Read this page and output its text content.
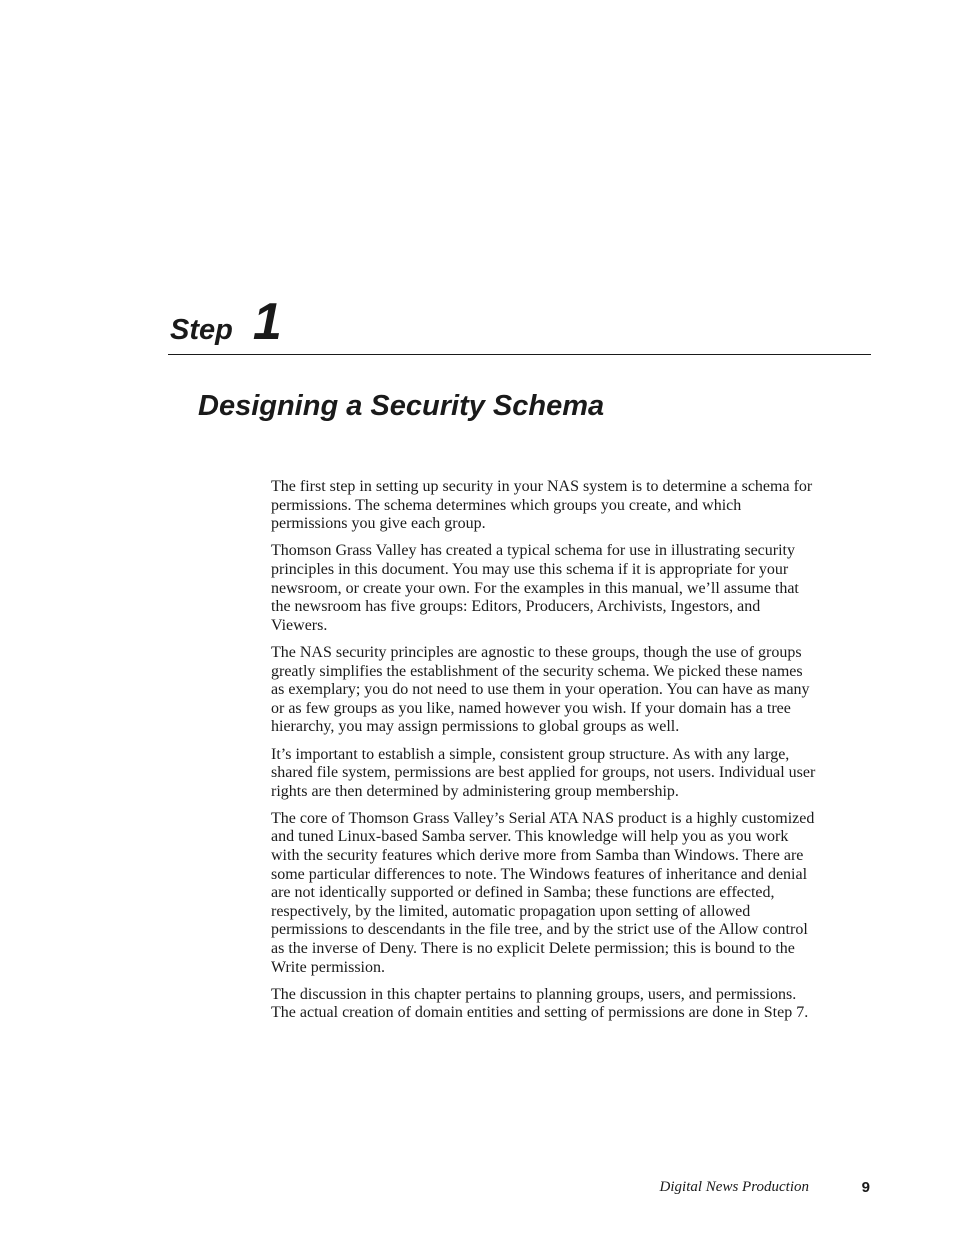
Step 1
Designing a Security Schema

The first step in setting up security in your NAS system is to determine a schema for permissions. The schema determines which groups you create, and which permissions you give each group.

Thomson Grass Valley has created a typical schema for use in illustrating security principles in this document. You may use this schema if it is appropriate for your newsroom, or create your own. For the examples in this manual, we’ll assume that the newsroom has five groups: Editors, Producers, Archivists, Ingestors, and Viewers.

The NAS security principles are agnostic to these groups, though the use of groups greatly simplifies the establishment of the security schema. We picked these names as exemplary; you do not need to use them in your operation. You can have as many or as few groups as you like, named however you wish. If your domain has a tree hierarchy, you may assign permissions to global groups as well.

It’s important to establish a simple, consistent group structure. As with any large, shared file system, permissions are best applied for groups, not users. Individual user rights are then determined by administering group membership.

The core of Thomson Grass Valley’s Serial ATA NAS product is a highly customized and tuned Linux-based Samba server. This knowledge will help you as you work with the security features which derive more from Samba than Windows. There are some particular differences to note. The Windows features of inheritance and denial are not identically supported or defined in Samba; these functions are effected, respectively, by the limited, automatic propagation upon setting of allowed permissions to descendants in the file tree, and by the strict use of the Allow control as the inverse of Deny. There is no explicit Delete permission; this is bound to the Write permission.

The discussion in this chapter pertains to planning groups, users, and permissions. The actual creation of domain entities and setting of permissions are done in Step 7.

Digital News Production	9
